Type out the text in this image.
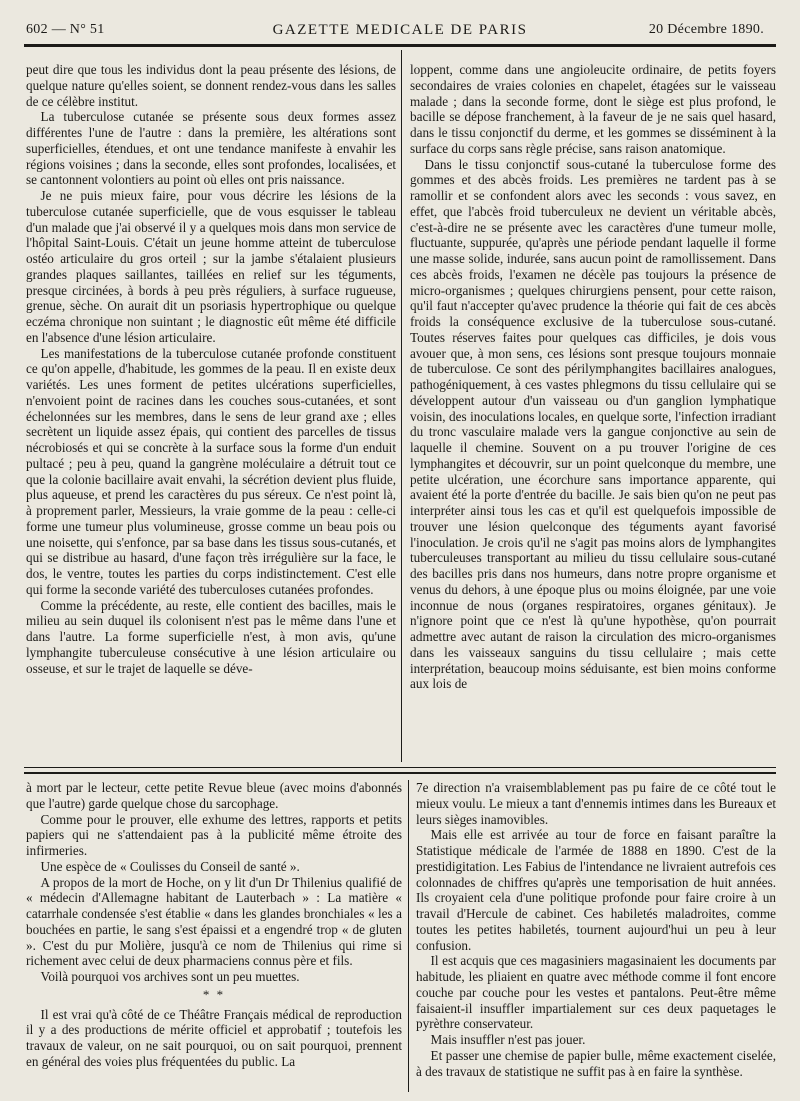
602 — N° 51	GAZETTE MEDICALE DE PARIS	20 Décembre 1890.

peut dire que tous les individus dont la peau présente des lésions, de quelque nature qu'elles soient, se donnent rendez-vous dans les salles de ce célèbre institut.

La tuberculose cutanée se présente sous deux formes assez différentes l'une de l'autre : dans la première, les altérations sont superficielles, étendues, et ont une tendance manifeste à envahir les régions voisines ; dans la seconde, elles sont profondes, localisées, et se cantonnent volontiers au point où elles ont pris naissance.

Je ne puis mieux faire, pour vous décrire les lésions de la tuberculose cutanée superficielle, que de vous esquisser le tableau d'un malade que j'ai observé il y a quelques mois dans mon service de l'hôpital Saint-Louis. C'était un jeune homme atteint de tuberculose ostéo articulaire du gros orteil ; sur la jambe s'étalaient plusieurs grandes plaques saillantes, taillées en relief sur les téguments, presque circinées, à bords à peu près réguliers, à surface rugueuse, grenue, sèche. On aurait dit un psoriasis hypertrophique ou quelque eczéma chronique non suintant ; le diagnostic eût même été difficile en l'absence d'une lésion articulaire.

Les manifestations de la tuberculose cutanée profonde constituent ce qu'on appelle, d'habitude, les gommes de la peau. Il en existe deux variétés. Les unes forment de petites ulcérations superficielles, n'envoient point de racines dans les couches sous-cutanées, et sont échelonnées sur les membres, dans le sens de leur grand axe ; elles secrètent un liquide assez épais, qui contient des parcelles de tissus nécrobiosés et qui se concrète à la surface sous la forme d'un enduit pultacé ; peu à peu, quand la gangrène moléculaire a détruit tout ce que la colonie bacillaire avait envahi, la sécrétion devient plus fluide, plus aqueuse, et prend les caractères du pus séreux. Ce n'est point là, à proprement parler, Messieurs, la vraie gomme de la peau : celle-ci forme une tumeur plus volumineuse, grosse comme un beau pois ou une noisette, qui s'enfonce, par sa base dans les tissus sous-cutanés, et qui se distribue au hasard, d'une façon très irrégulière sur la face, le dos, le ventre, toutes les parties du corps indistinctement. C'est elle qui forme la seconde variété des tuberculoses cutanées profondes.

Comme la précédente, au reste, elle contient des bacilles, mais le milieu au sein duquel ils colonisent n'est pas le même dans l'une et dans l'autre. La forme superficielle n'est, à mon avis, qu'une lymphangite tuberculeuse consécutive à une lésion articulaire ou osseuse, et sur le trajet de laquelle se déve-

loppent, comme dans une angioleucite ordinaire, de petits foyers secondaires de vraies colonies en chapelet, étagées sur le vaisseau malade ; dans la seconde forme, dont le siège est plus profond, le bacille se dépose franchement, à la faveur de je ne sais quel hasard, dans le tissu conjonctif du derme, et les gommes se disséminent à la surface du corps sans règle précise, sans raison anatomique.

Dans le tissu conjonctif sous-cutané la tuberculose forme des gommes et des abcès froids. Les premières ne tardent pas à se ramollir et se confondent alors avec les seconds : vous savez, en effet, que l'abcès froid tuberculeux ne devient un véritable abcès, c'est-à-dire ne se présente avec les caractères d'une tumeur molle, fluctuante, suppurée, qu'après une période pendant laquelle il forme une masse solide, indurée, sans aucun point de ramollissement. Dans ces abcès froids, l'examen ne décèle pas toujours la présence de micro-organismes ; quelques chirurgiens pensent, pour cette raison, qu'il faut n'accepter qu'avec prudence la théorie qui fait de ces abcès froids la conséquence exclusive de la tuberculose sous-cutané. Toutes réserves faites pour quelques cas difficiles, je dois vous avouer que, à mon sens, ces lésions sont presque toujours monnaie de tuberculose. Ce sont des périlymphangites bacillaires analogues, pathogéniquement, à ces vastes phlegmons du tissu cellulaire qui se développent autour d'un vaisseau ou d'un ganglion lymphatique voisin, des inoculations locales, en quelque sorte, l'infection irradiant du tronc vasculaire malade vers la gangue conjonctive au sein de laquelle il chemine. Souvent on a pu trouver l'origine de ces lymphangites et découvrir, sur un point quelconque du membre, une petite ulcération, une écorchure sans importance apparente, qui avaient été la porte d'entrée du bacille. Je sais bien qu'on ne peut pas interpréter ainsi tous les cas et qu'il est quelquefois impossible de trouver une lésion quelconque des téguments ayant favorisé l'inoculation. Je crois qu'il ne s'agit pas moins alors de lymphangites tuberculeuses transportant au milieu du tissu cellulaire sous-cutané des bacilles pris dans nos humeurs, dans notre propre organisme et venus du dehors, à une époque plus ou moins éloignée, par une voie inconnue de nous (organes respiratoires, organes génitaux). Je n'ignore point que ce n'est là qu'une hypothèse, qu'on pourrait admettre avec autant de raison la circulation des micro-organismes dans les vaisseaux sanguins du tissu cellulaire ; mais cette interprétation, beaucoup moins séduisante, est bien moins conforme aux lois de

à mort par le lecteur, cette petite Revue bleue (avec moins d'abonnés que l'autre) garde quelque chose du sarcophage.

Comme pour le prouver, elle exhume des lettres, rapports et petits papiers qui ne s'attendaient pas à la publicité même étroite des infirmeries.

Une espèce de « Coulisses du Conseil de santé ».

A propos de la mort de Hoche, on y lit d'un Dr Thilenius qualifié de « médecin d'Allemagne habitant de Lauterbach » : La matière « catarrhale condensée s'est établie « dans les glandes bronchiales « les a bouchées en partie, le sang s'est épaissi et a engendré trop « de gluten ». C'est du pur Molière, jusqu'à ce nom de Thilenius qui rime si richement avec celui de deux pharmaciens connus père et fils.

Voilà pourquoi vos archives sont un peu muettes.

* *

Il est vrai qu'à côté de ce Théâtre Français médical de reproduction il y a des productions de mérite officiel et approbatif ; toutefois les travaux de valeur, on ne sait pourquoi, ou on sait pourquoi, prennent en général des voies plus fréquentées du public. La

7e direction n'a vraisemblablement pas pu faire de ce côté tout le mieux voulu. Le mieux a tant d'ennemis intimes dans les Bureaux et leurs sièges inamovibles.

Mais elle est arrivée au tour de force en faisant paraître la Statistique médicale de l'armée de 1888 en 1890. C'est de la prestidigitation. Les Fabius de l'intendance ne livraient autrefois ces colonnades de chiffres qu'après une temporisation de huit années. Ils croyaient cela d'une politique profonde pour faire croire à un travail d'Hercule de cabinet. Ces habiletés maladroites, comme toutes les petites habiletés, tournent aujourd'hui un peu à leur confusion.

Il est acquis que ces magasiniers magasinaient les documents par habitude, les pliaient en quatre avec méthode comme il font encore couche par couche pour les vestes et pantalons. Peut-être même faisaient-il insuffler impartialement sur ces deux paquetages le pyrèthre conservateur.

Mais insuffler n'est pas jouer.

Et passer une chemise de papier bulle, même exactement ciselée, à des travaux de statistique ne suffit pas à en faire la synthèse.
